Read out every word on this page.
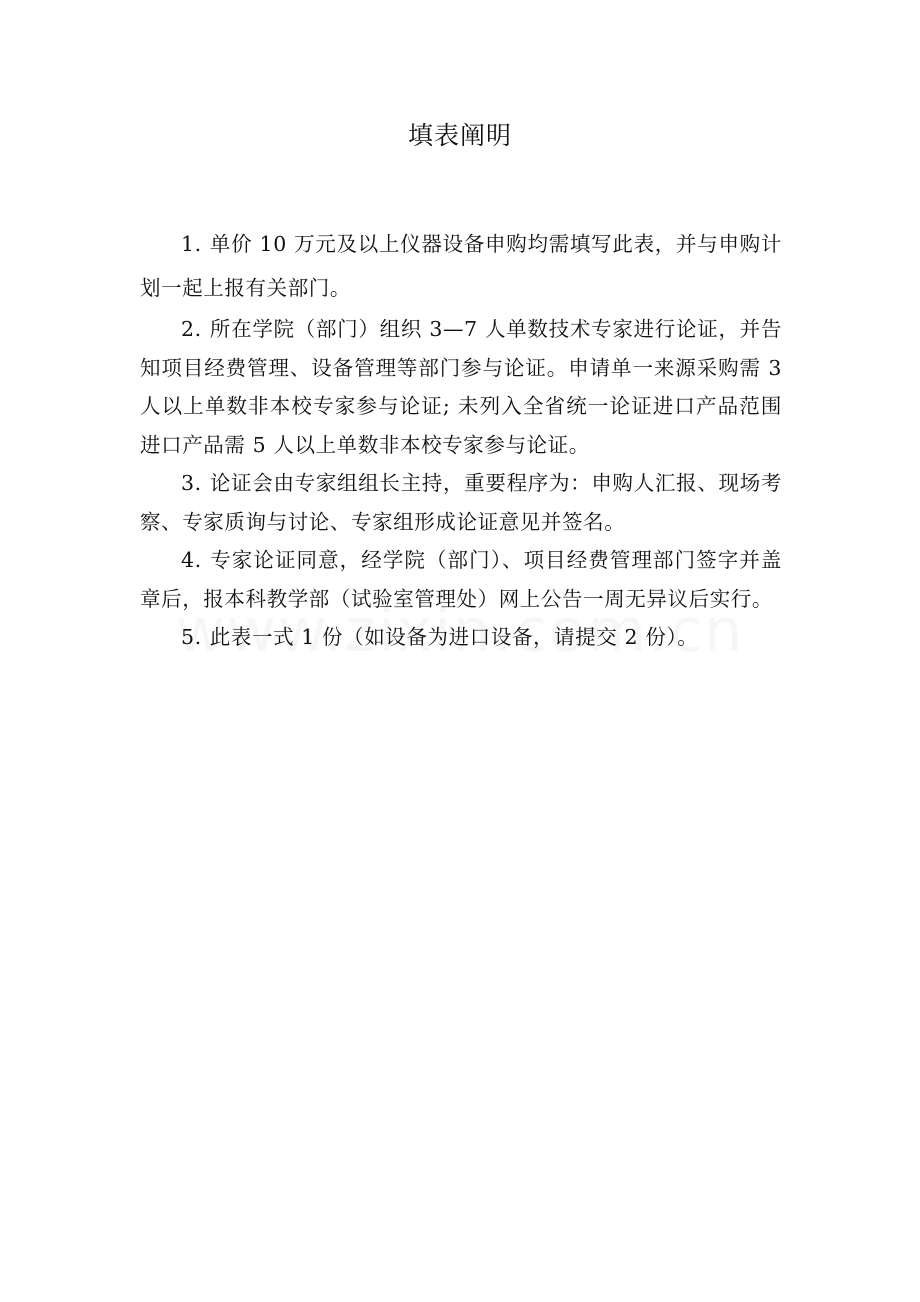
填表阐明

1. 单价 10 万元及以上仪器设备申购均需填写此表，并与申购计划一起上报有关部门。

2. 所在学院（部门）组织 3—7 人单数技术专家进行论证，并告知项目经费管理、设备管理等部门参与论证。申请单一来源采购需 3 人以上单数非本校专家参与论证; 未列入全省统一论证进口产品范围进口产品需 5 人以上单数非本校专家参与论证。

3. 论证会由专家组组长主持，重要程序为：申购人汇报、现场考察、专家质询与讨论、专家组形成论证意见并签名。

4. 专家论证同意，经学院（部门）、项目经费管理部门签字并盖章后，报本科教学部（试验室管理处）网上公告一周无异议后实行。

5. 此表一式 1 份（如设备为进口设备，请提交 2 份）。
